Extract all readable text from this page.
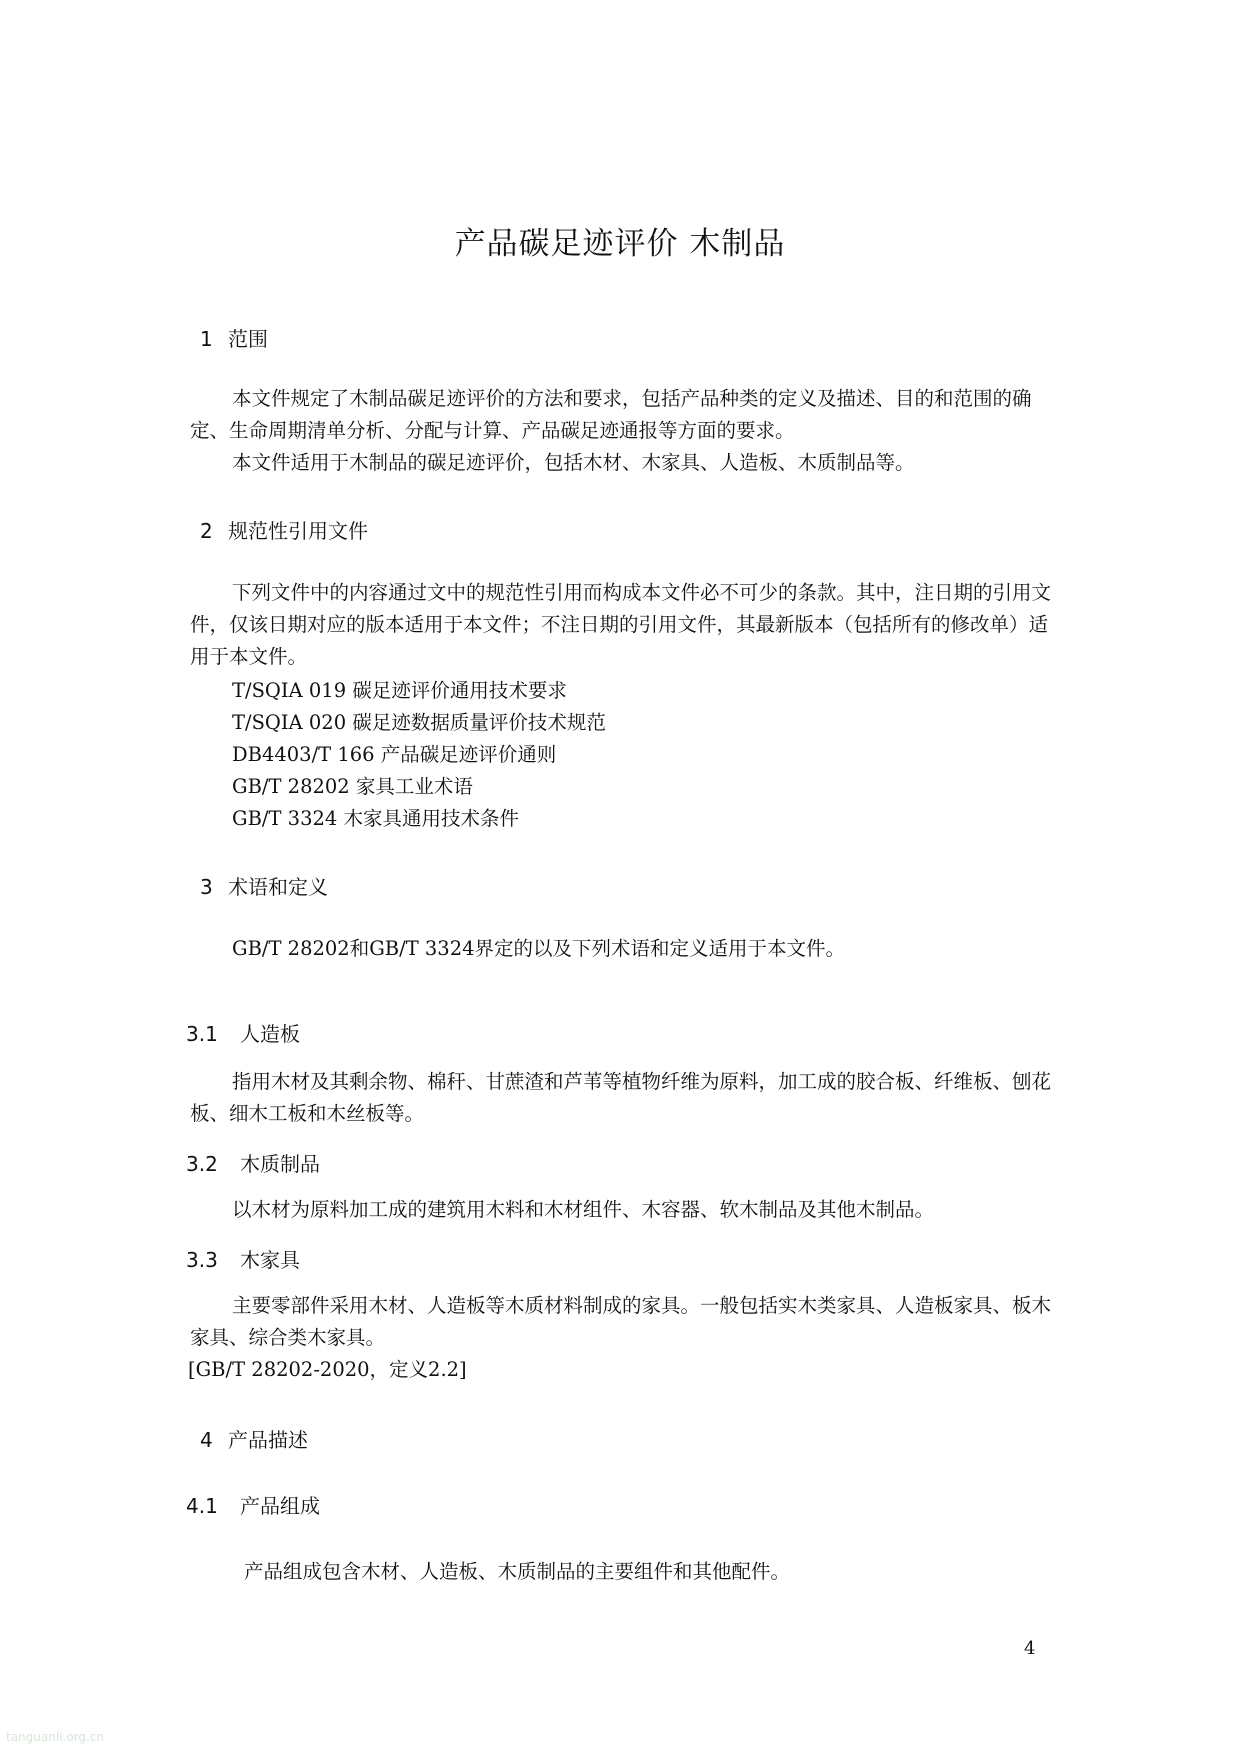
产品碳足迹评价 木制品
1 范围
本文件规定了木制品碳足迹评价的方法和要求，包括产品种类的定义及描述、目的和范围的确定、生命周期清单分析、分配与计算、产品碳足迹通报等方面的要求。
本文件适用于木制品的碳足迹评价，包括木材、木家具、人造板、木质制品等。
2 规范性引用文件
下列文件中的内容通过文中的规范性引用而构成本文件必不可少的条款。其中，注日期的引用文件，仅该日期对应的版本适用于本文件；不注日期的引用文件，其最新版本（包括所有的修改单）适用于本文件。
T/SQIA 019 碳足迹评价通用技术要求
T/SQIA 020 碳足迹数据质量评价技术规范
DB4403/T 166 产品碳足迹评价通则
GB/T 28202 家具工业术语
GB/T 3324 木家具通用技术条件
3 术语和定义
GB/T 28202和GB/T 3324界定的以及下列术语和定义适用于本文件。
3.1 人造板
指用木材及其剩余物、棉秆、甘蔗渣和芦苇等植物纤维为原料，加工成的胶合板、纤维板、刨花板、细木工板和木丝板等。
3.2 木质制品
以木材为原料加工成的建筑用木料和木材组件、木容器、软木制品及其他木制品。
3.3 木家具
主要零部件采用木材、人造板等木质材料制成的家具。一般包括实木类家具、人造板家具、板木家具、综合类木家具。
[GB/T 28202-2020，定义2.2]
4 产品描述
4.1 产品组成
产品组成包含木材、人造板、木质制品的主要组件和其他配件。
4
tanguanli.org.cn
